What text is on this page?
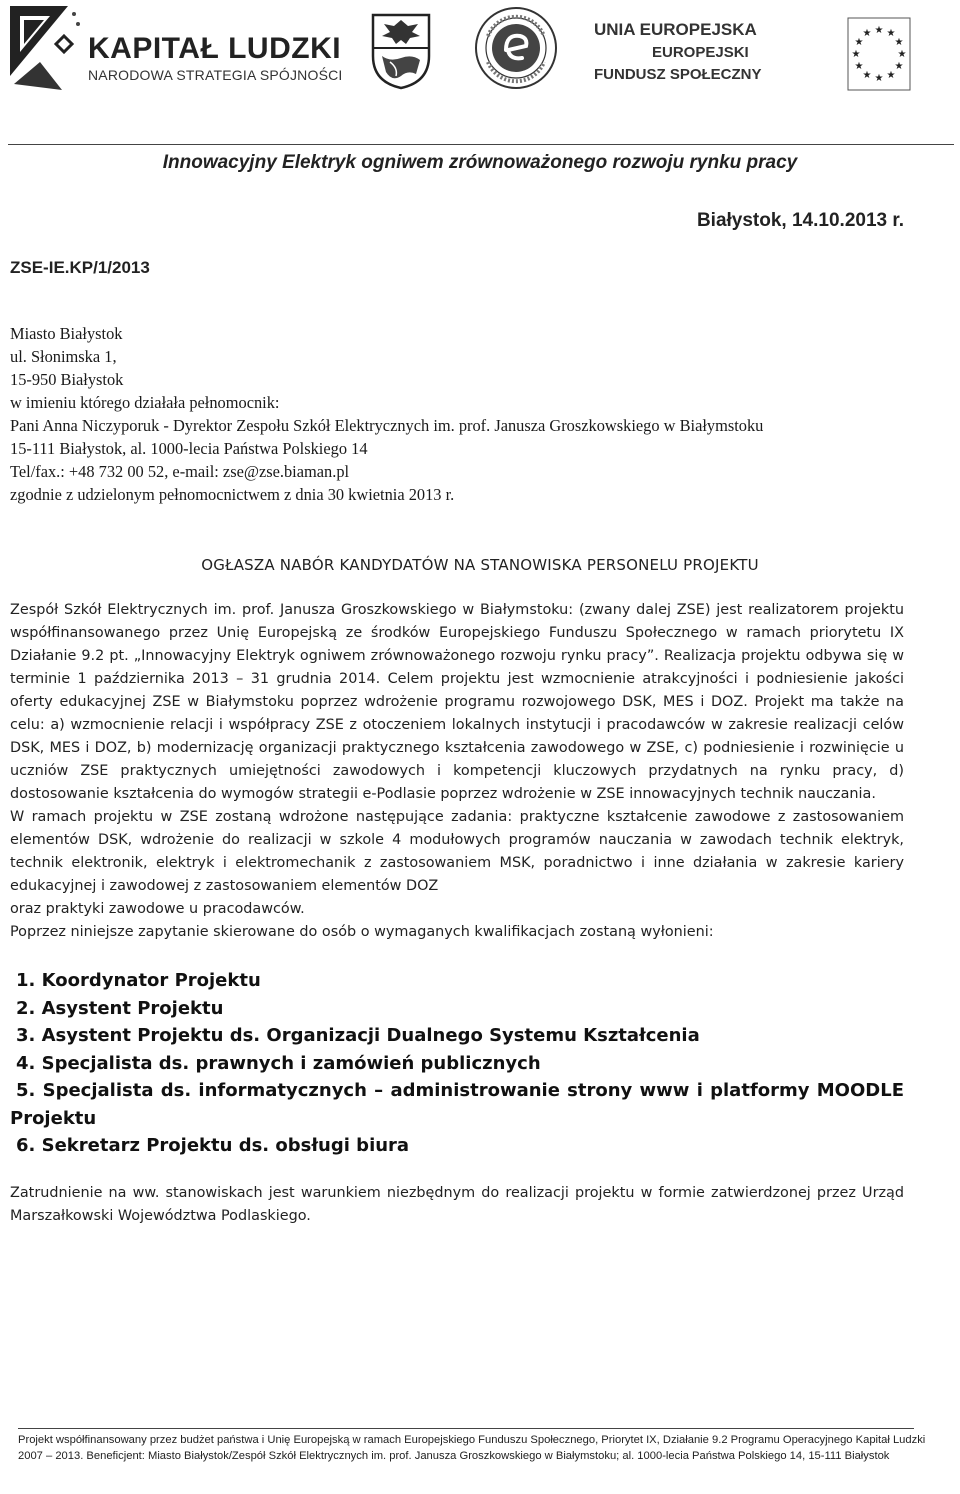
KAPITAŁ LUDZKI
NARODOWA STRATEGIA SPÓJNOŚCI
UNIA EUROPEJSKA
EUROPEJSKI
FUNDUSZ SPOŁECZNY
★ ★
★
★
★
★
★
★
★
★
★
★
Innowacyjny Elektryk ogniwem zrównoważonego rozwoju rynku pracy
Białystok, 14.10.2013 r.
ZSE-IE.KP/1/2013
Miasto Białystok
ul. Słonimska 1,
15-950 Białystok
w imieniu którego działała pełnomocnik:
Pani Anna Niczyporuk - Dyrektor Zespołu Szkół Elektrycznych im. prof. Janusza Groszkowskiego w Białymstoku
15-111 Białystok, al. 1000-lecia Państwa Polskiego 14
Tel/fax.: +48 732 00 52, e-mail: zse@zse.biaman.pl
zgodnie z udzielonym pełnomocnictwem z dnia 30 kwietnia 2013 r.
OGŁASZA NABÓR KANDYDATÓW NA STANOWISKA PERSONELU PROJEKTU

Zespół Szkół Elektrycznych im. prof. Janusza Groszkowskiego w Białymstoku: (zwany dalej ZSE) jest realizatorem projektu współfinansowanego przez Unię Europejską ze środków Europejskiego Funduszu Społecznego w ramach priorytetu IX Działanie 9.2 pt. „Innowacyjny Elektryk ogniwem zrównoważonego rozwoju rynku pracy”. Realizacja projektu odbywa się w terminie 1 października 2013 – 31 grudnia 2014. Celem projektu jest wzmocnienie atrakcyjności i podniesienie jakości oferty edukacyjnej ZSE w Białymstoku poprzez wdrożenie programu rozwojowego DSK, MES i DOZ. Projekt ma także na celu: a) wzmocnienie relacji i współpracy ZSE z otoczeniem lokalnych instytucji i pracodawców w zakresie realizacji celów DSK, MES i DOZ, b) modernizację organizacji praktycznego kształcenia zawodowego w ZSE, c) podniesienie i rozwinięcie u uczniów ZSE praktycznych umiejętności zawodowych i kompetencji kluczowych przydatnych na rynku pracy, d) dostosowanie kształcenia do wymogów strategii e-Podlasie poprzez wdrożenie w ZSE innowacyjnych technik nauczania.

W ramach projektu w ZSE zostaną wdrożone następujące zadania: praktyczne kształcenie zawodowe z zastosowaniem elementów DSK, wdrożenie do realizacji w szkole 4 modułowych programów nauczania w zawodach technik elektryk, technik elektronik, elektryk i elektromechanik z zastosowaniem MSK, poradnictwo i inne działania w zakresie kariery edukacyjnej i zawodowej z zastosowaniem elementów DOZ

oraz praktyki zawodowe u pracodawców.

Poprzez niniejsze zapytanie skierowane do osób o wymaganych kwalifikacjach zostaną wyłonieni:

1. Koordynator Projektu
2. Asystent Projektu
3. Asystent Projektu ds. Organizacji Dualnego Systemu Kształcenia
4. Specjalista ds. prawnych i zamówień publicznych
5. Specjalista ds. informatycznych – administrowanie strony www i platformy MOODLE Projektu
6. Sekretarz Projektu ds. obsługi biura
Zatrudnienie na ww. stanowiskach jest warunkiem niezbędnym do realizacji projektu w formie zatwierdzonej przez Urząd Marszałkowski Województwa Podlaskiego.
Projekt współfinansowany przez budżet państwa i Unię Europejską w ramach Europejskiego Funduszu Społecznego, Priorytet IX, Działanie 9.2 Programu Operacyjnego Kapitał Ludzki
2007 – 2013. Beneficjent: Miasto Białystok/Zespół Szkół Elektrycznych im. prof. Janusza Groszkowskiego w Białymstoku; al. 1000-lecia Państwa Polskiego 14, 15-111 Białystok
